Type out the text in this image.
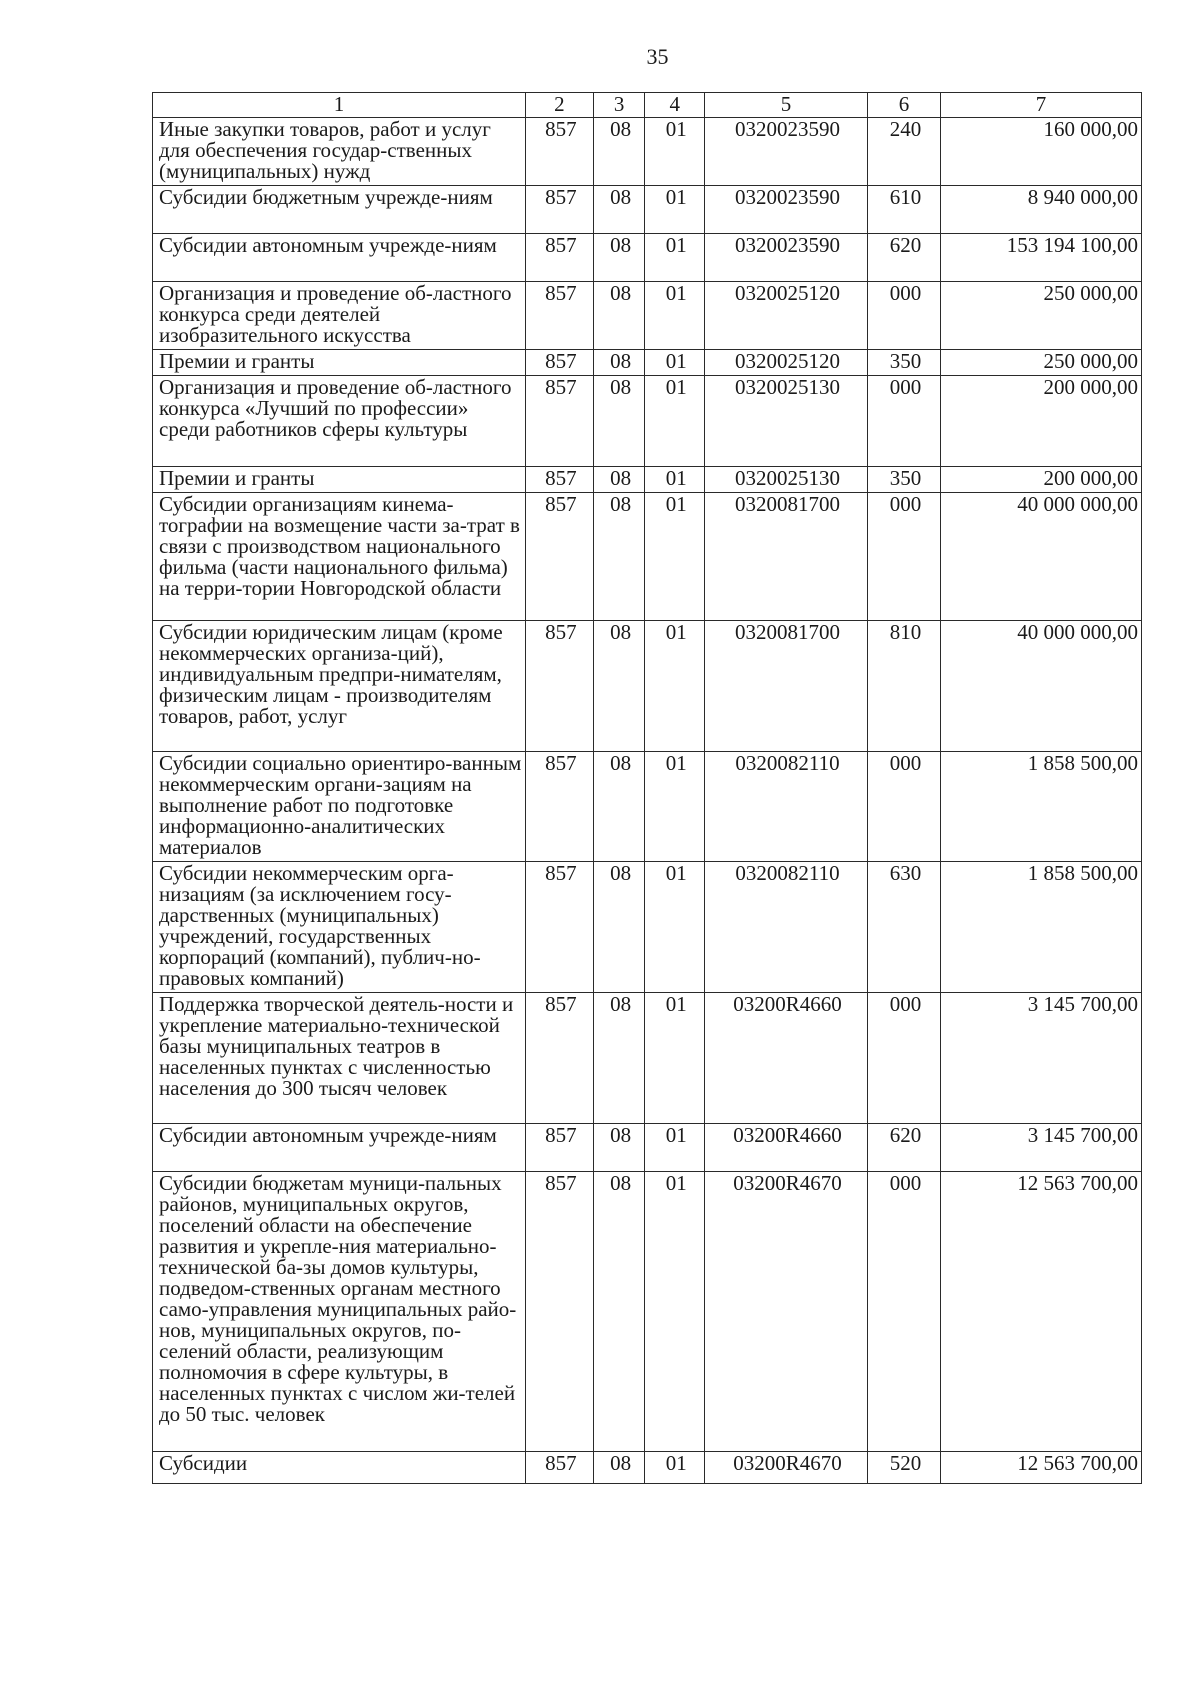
35
1	2	3	4	5	6	7
Иные закупки товаров, работ и услуг для обеспечения государ-ственных (муниципальных) нужд	857	08	01	0320023590	240	160 000,00
Субсидии бюджетным учрежде-ниям	857	08	01	0320023590	610	8 940 000,00
Субсидии автономным учрежде-ниям	857	08	01	0320023590	620	153 194 100,00
Организация и проведение об-ластного конкурса среди деятелей изобразительного искусства	857	08	01	0320025120	000	250 000,00
Премии и гранты	857	08	01	0320025120	350	250 000,00
Организация и проведение об-ластного конкурса «Лучший по профессии» среди работников сферы культуры	857	08	01	0320025130	000	200 000,00
Премии и гранты	857	08	01	0320025130	350	200 000,00
Субсидии организациям кинема-тографии на возмещение части за-трат в связи с производством национального фильма (части национального фильма) на терри-тории Новгородской области	857	08	01	0320081700	000	40 000 000,00
Субсидии юридическим лицам (кроме некоммерческих организа-ций), индивидуальным предпри-нимателям, физическим лицам - производителям товаров, работ, услуг	857	08	01	0320081700	810	40 000 000,00
Субсидии социально ориентиро-ванным некоммерческим органи-зациям на выполнение работ по подготовке информационно-аналитических материалов	857	08	01	0320082110	000	1 858 500,00
Субсидии некоммерческим орга-низациям (за исключением госу-дарственных (муниципальных) учреждений, государственных корпораций (компаний), публич-но-правовых компаний)	857	08	01	0320082110	630	1 858 500,00
Поддержка творческой деятель-ности и укрепление материально-технической базы муниципальных театров в населенных пунктах с численностью населения до 300 тысяч человек	857	08	01	03200R4660	000	3 145 700,00
Субсидии автономным учрежде-ниям	857	08	01	03200R4660	620	3 145 700,00
Субсидии бюджетам муници-пальных районов, муниципальных округов, поселений области на обеспечение развития и укрепле-ния материально-технической ба-зы домов культуры, подведом-ственных органам местного само-управления муниципальных райо-нов, муниципальных округов, по-селений области, реализующим полномочия в сфере культуры, в населенных пунктах с числом жи-телей до 50 тыс. человек	857	08	01	03200R4670	000	12 563 700,00
Субсидии	857	08	01	03200R4670	520	12 563 700,00
